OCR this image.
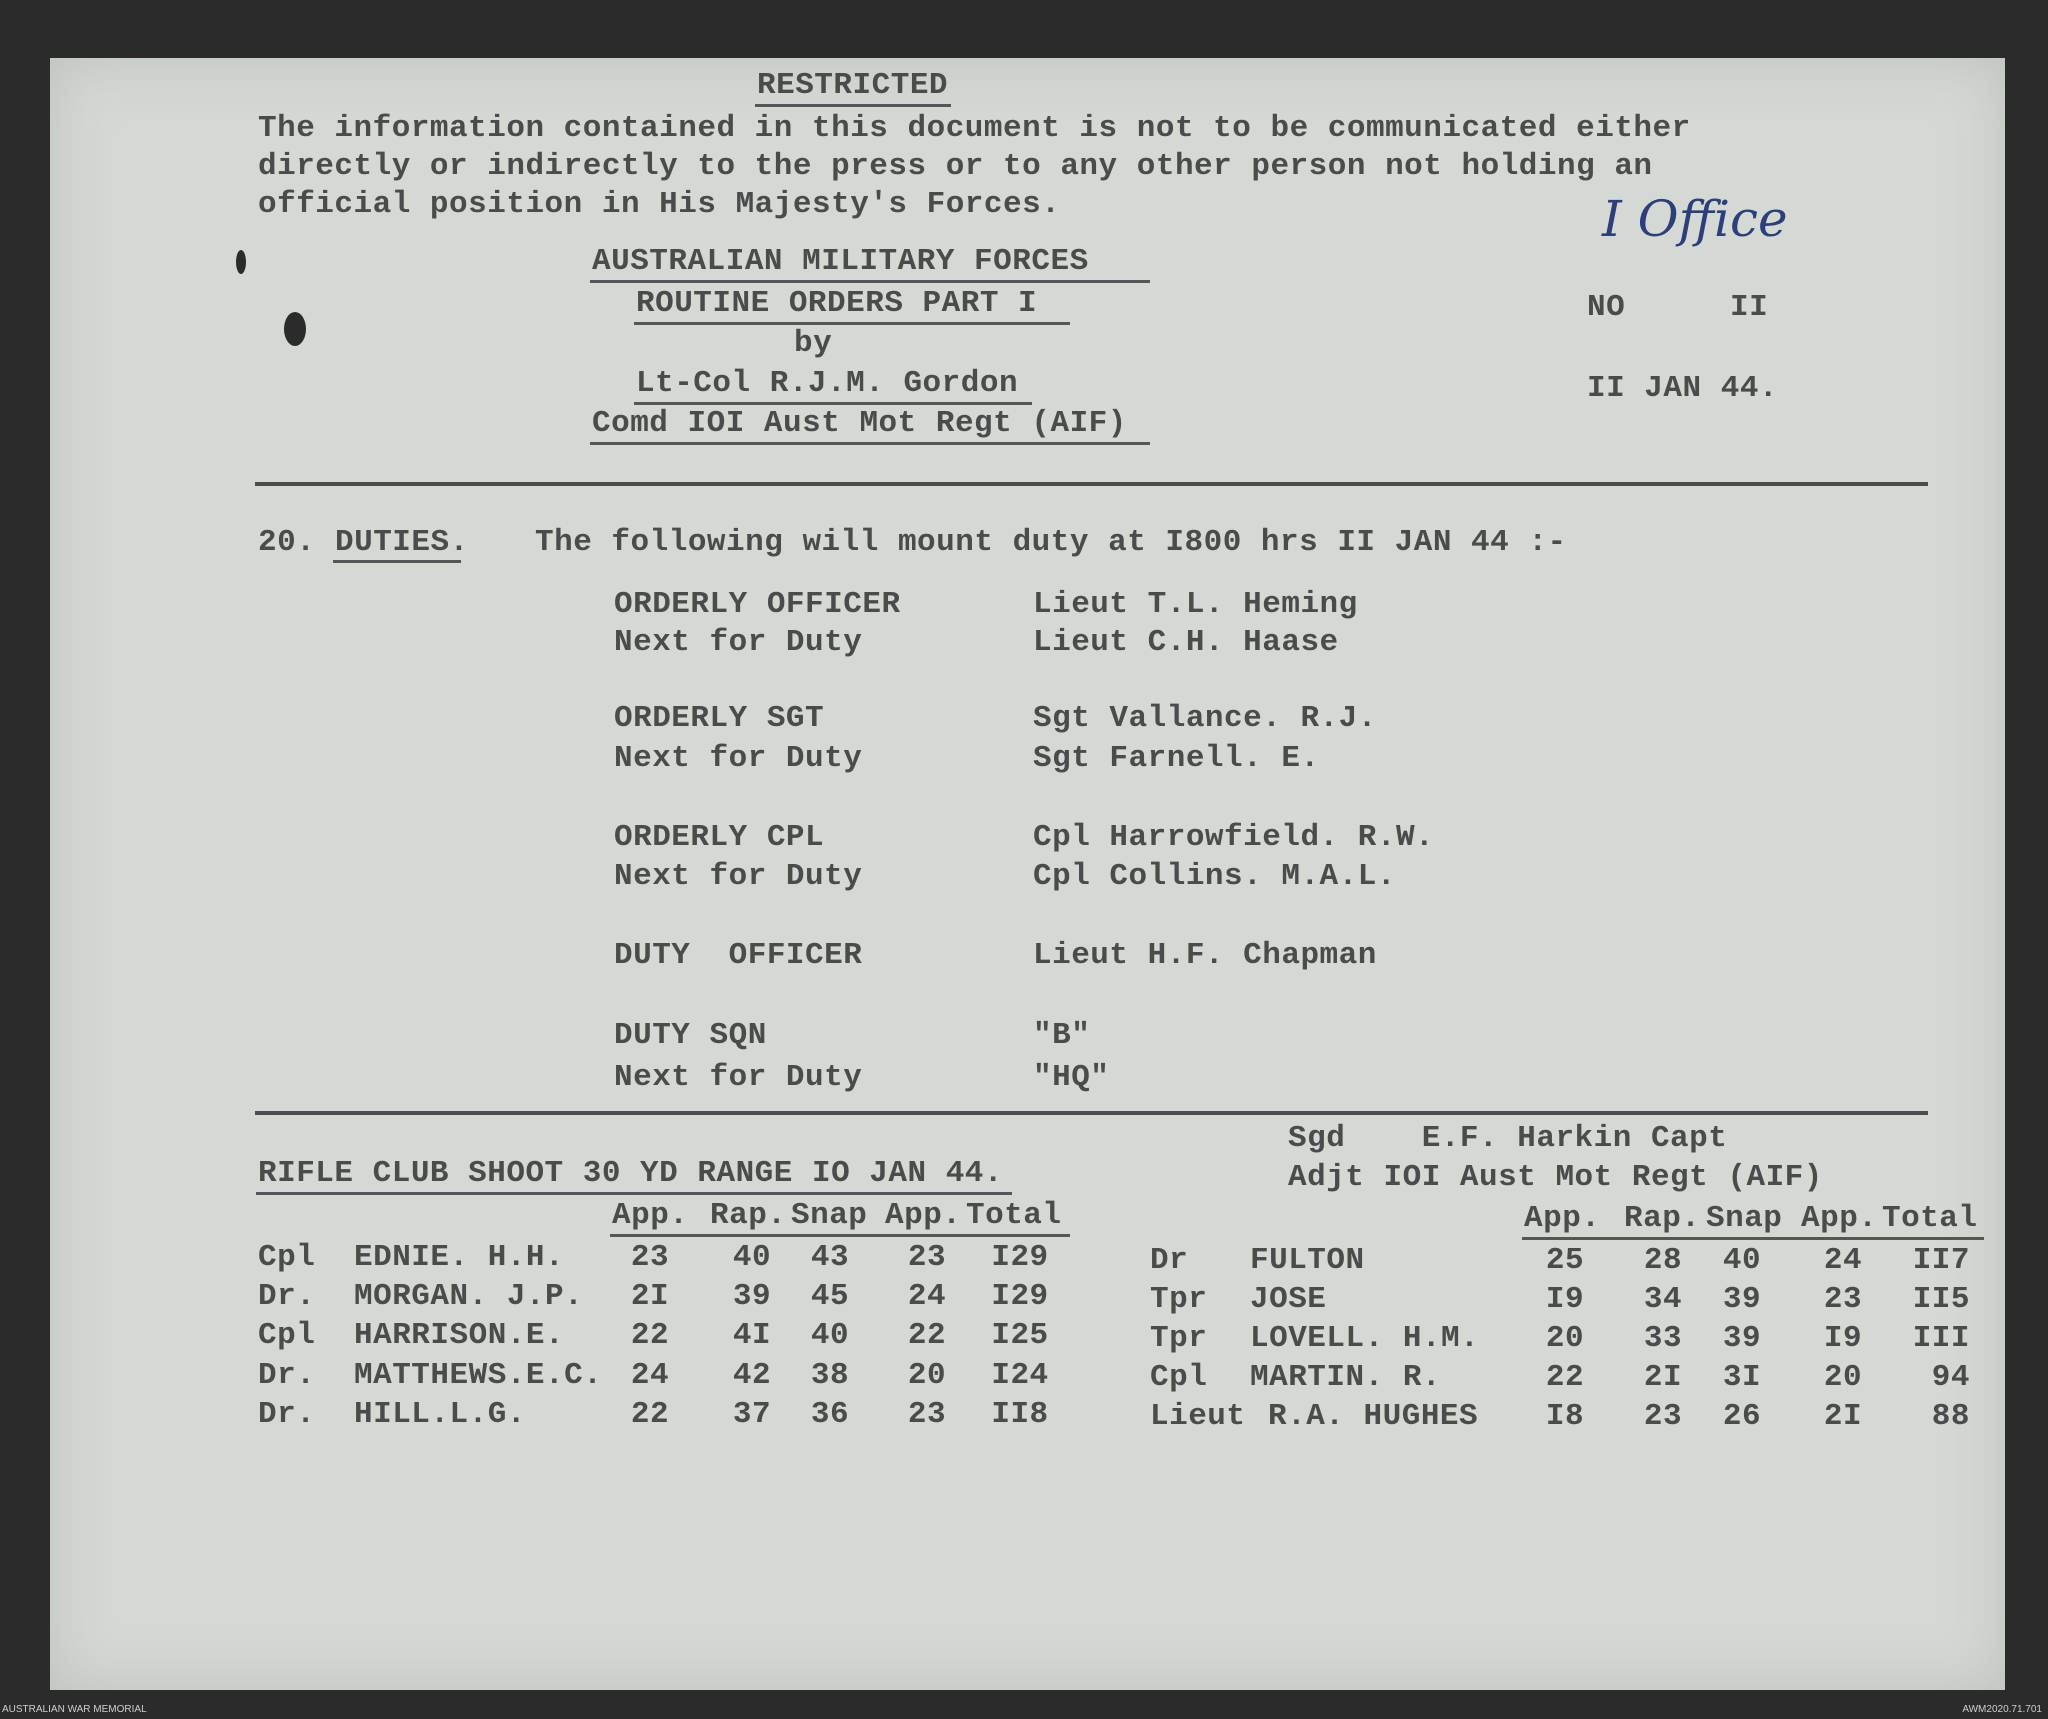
RESTRICTED
The information contained in this document is not to be communicated either
directly or indirectly to the press or to any other person not holding an
official position in His Majesty's Forces.	I Office
AUSTRALIAN MILITARY FORCES
ROUTINE ORDERS PART I
by
Lt-Col R.J.M. Gordon
Comd IOI Aust Mot Regt (AIF)
NO	II
II JAN 44.
20. DUTIES. The following will mount duty at I800 hrs II JAN 44 :-
ORDERLY OFFICER	Lieut T.L. Heming
Next for Duty	Lieut C.H. Haase
ORDERLY SGT	Sgt Vallance. R.J.
Next for Duty	Sgt Farnell. E.
ORDERLY CPL	Cpl Harrowfield. R.W.
Next for Duty	Cpl Collins. M.A.L.
DUTY  OFFICER	Lieut H.F. Chapman
DUTY SQN	"B"
Next for Duty	"HQ"
Sgd    E.F. Harkin Capt
Adjt IOI Aust Mot Regt (AIF)
RIFLE CLUB SHOOT 30 YD RANGE IO JAN 44.
App. Rap. Snap App. Total	App. Rap. Snap App. Total
Cpl EDNIE. H.H.	23	40	43	23	I29
Dr. MORGAN. J.P.	2I	39	45	24	I29
Cpl HARRISON.E.	22	4I	40	22	I25
Dr. MATTHEWS.E.C. 24	42	38	20	I24
Dr. HILL.L.G.	22	37	36	23	II8
Dr FULTON	25	28	40	24	II7
Tpr JOSE	I9	34	39	23	II5
Tpr LOVELL. H.M.	20	33	39	I9	III
Cpl MARTIN. R.	22	2I	3I	20	94
Lieut R.A. HUGHES	I8	23	26	2I	88
AUSTRALIAN WAR MEMORIAL	AWM2020.71.701
